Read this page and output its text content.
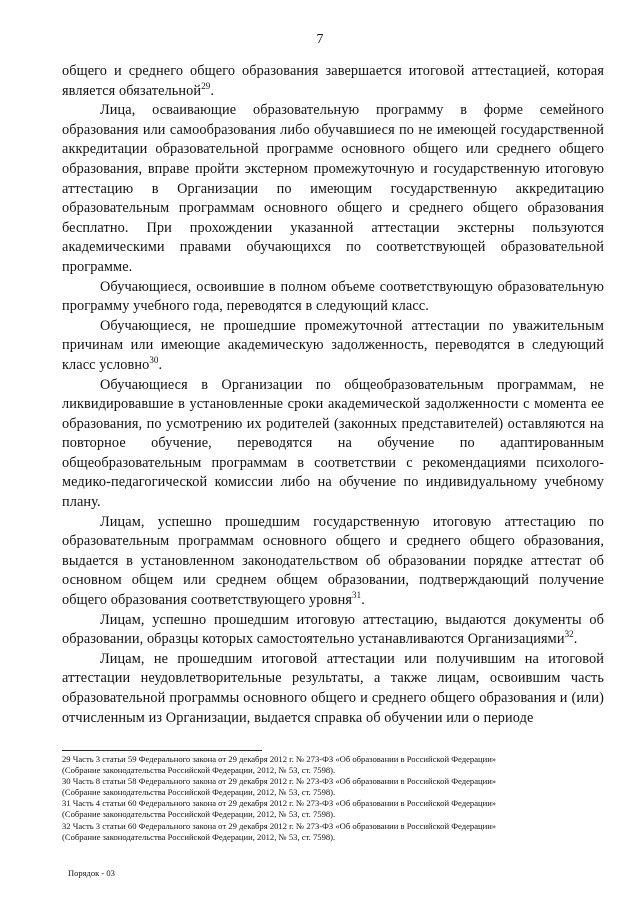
7

общего и среднего общего образования завершается итоговой аттестацией, которая является обязательной$^{29}$.

Лица, осваивающие образовательную программу в форме семейного образования или самообразования либо обучавшиеся по не имеющей государственной аккредитации образовательной программе основного общего или среднего общего образования, вправе пройти экстерном промежуточную и государственную итоговую аттестацию в Организации по имеющим государственную аккредитацию образовательным программам основного общего и среднего общего образования бесплатно. При прохождении указанной аттестации экстерны пользуются академическими правами обучающихся по соответствующей образовательной программе.

Обучающиеся, освоившие в полном объеме соответствующую образовательную программу учебного года, переводятся в следующий класс.

Обучающиеся, не прошедшие промежуточной аттестации по уважительным причинам или имеющие академическую задолженность, переводятся в следующий класс условно$^{30}$.

Обучающиеся в Организации по общеобразовательным программам, не ликвидировавшие в установленные сроки академической задолженности с момента ее образования, по усмотрению их родителей (законных представителей) оставляются на повторное обучение, переводятся на обучение по адаптированным общеобразовательным программам в соответствии с рекомендациями психолого-медико-педагогической комиссии либо на обучение по индивидуальному учебному плану.

Лицам, успешно прошедшим государственную итоговую аттестацию по образовательным программам основного общего и среднего общего образования, выдается в установленном законодательством об образовании порядке аттестат об основном общем или среднем общем образовании, подтверждающий получение общего образования соответствующего уровня$^{31}$.

Лицам, успешно прошедшим итоговую аттестацию, выдаются документы об образовании, образцы которых самостоятельно устанавливаются Организациями$^{32}$.

Лицам, не прошедшим итоговой аттестации или получившим на итоговой аттестации неудовлетворительные результаты, а также лицам, освоившим часть образовательной программы основного общего и среднего общего образования и (или) отчисленным из Организации, выдается справка об обучении или о периоде

29 Часть 3 статьи 59 Федерального закона от 29 декабря 2012 г. № 273-ФЗ «Об образовании в Российской Федерации»
(Собрание законодательства Российской Федерации, 2012, № 53, ст. 7598).

30 Часть 8 статьи 58 Федерального закона от 29 декабря 2012 г. № 273-ФЗ «Об образовании в Российской Федерации»
(Собрание законодательства Российской Федерации, 2012, № 53, ст. 7598).

31 Часть 4 статьи 60 Федерального закона от 29 декабря 2012 г. № 273-ФЗ «Об образовании в Российской Федерации»
(Собрание законодательства Российской Федерации, 2012, № 53, ст. 7598).

32 Часть 3 статьи 60 Федерального закона от 29 декабря 2012 г. № 273-ФЗ «Об образовании в Российской Федерации»
(Собрание законодательства Российской Федерации, 2012, № 53, ст. 7598).

Порядок - 03
